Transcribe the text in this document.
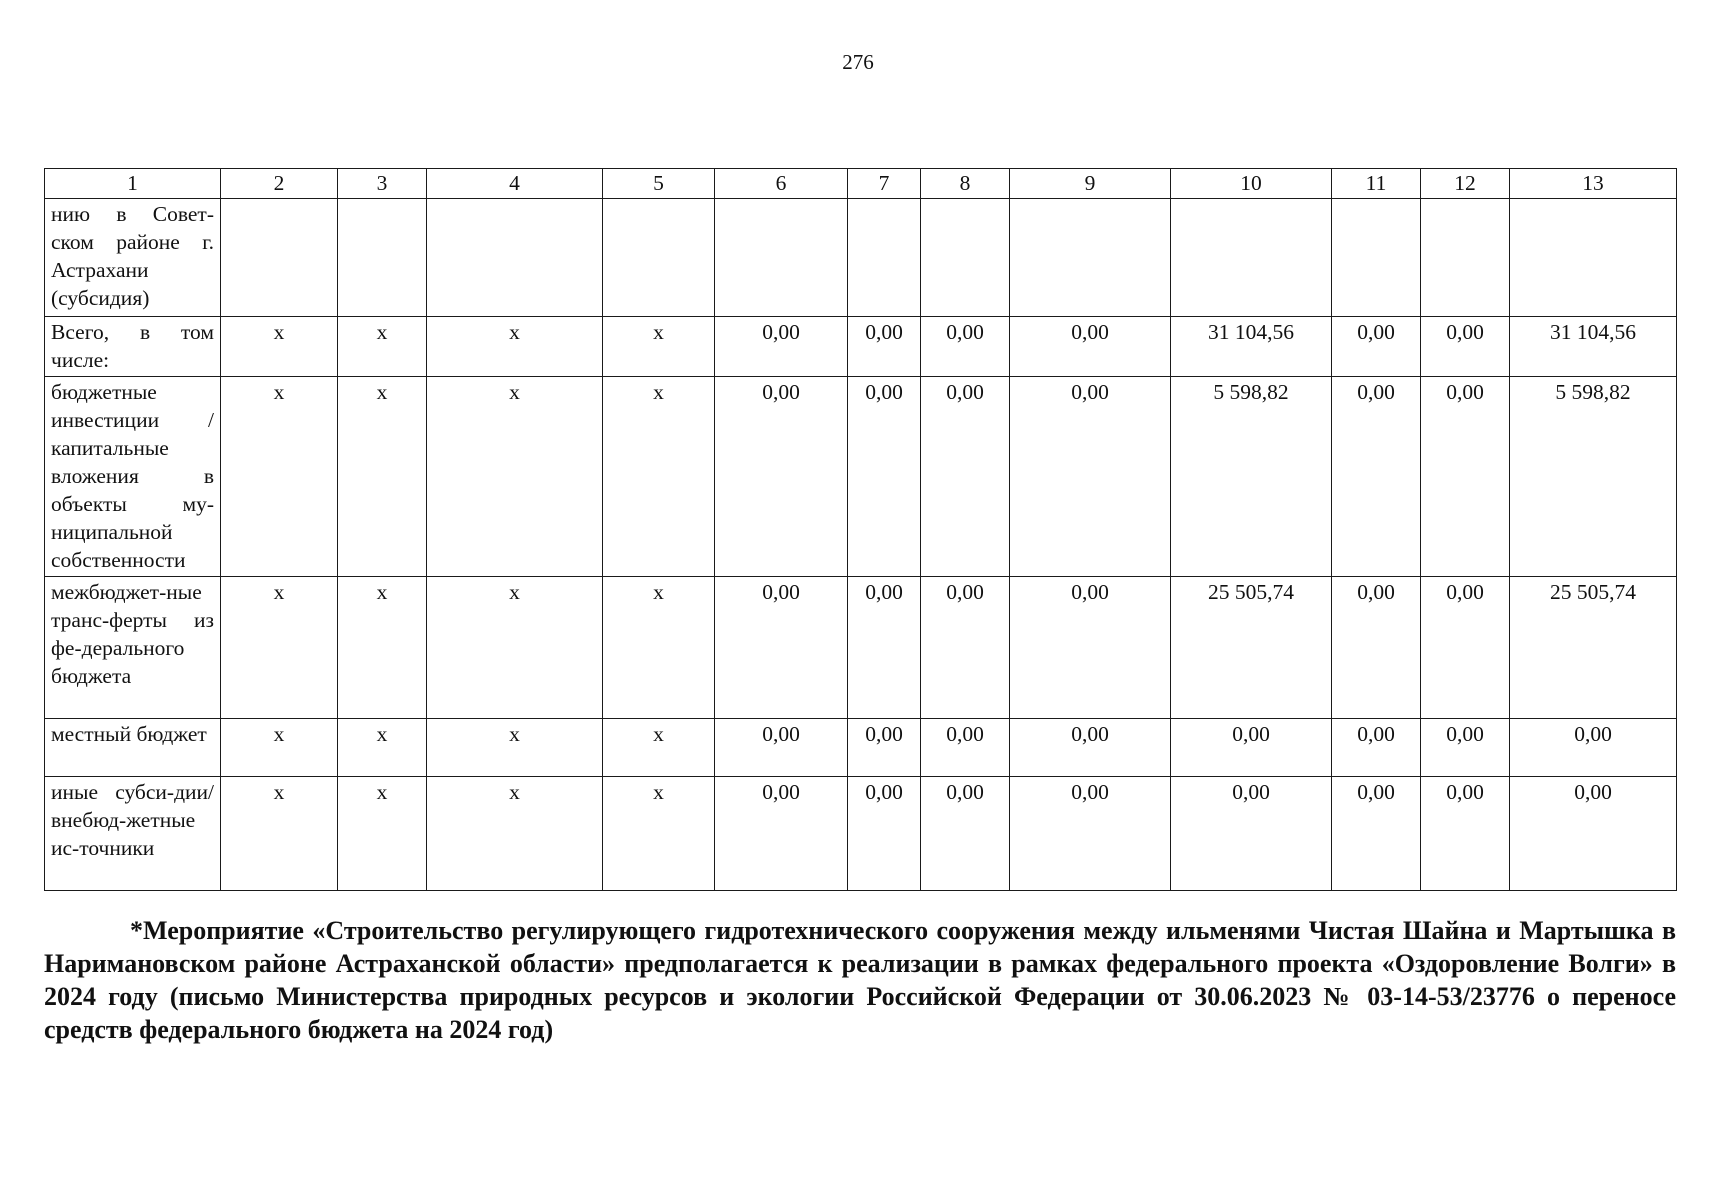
276
1	2	3	4	5	6	7	8	9	10	11	12	13
нию в Совет-ском районе г. Астрахани (субсидия)												
Всего, в том числе:	x	x	x	x	0,00	0,00	0,00	0,00	31 104,56	0,00	0,00	31 104,56
бюджетные инвестиции / капитальные вложения в объекты му-ниципальной собственности	x	x	x	x	0,00	0,00	0,00	0,00	5 598,82	0,00	0,00	5 598,82
межбюджет-ные транс-ферты из фе-дерального бюджета	x	x	x	x	0,00	0,00	0,00	0,00	25 505,74	0,00	0,00	25 505,74
местный бюджет	x	x	x	x	0,00	0,00	0,00	0,00	0,00	0,00	0,00	0,00
иные субси-дии/ внебюд-жетные ис-точники	x	x	x	x	0,00	0,00	0,00	0,00	0,00	0,00	0,00	0,00
*Мероприятие «Строительство регулирующего гидротехнического сооружения между ильменями Чистая Шайна и Мартышка в Наримановском районе Астраханской области» предполагается к реализации в рамках федерального проекта «Оздоровление Волги» в 2024 году (письмо Министерства природных ресурсов и экологии Российской Федерации от 30.06.2023 № 03-14-53/23776 о переносе средств федерального бюджета на 2024 год)
